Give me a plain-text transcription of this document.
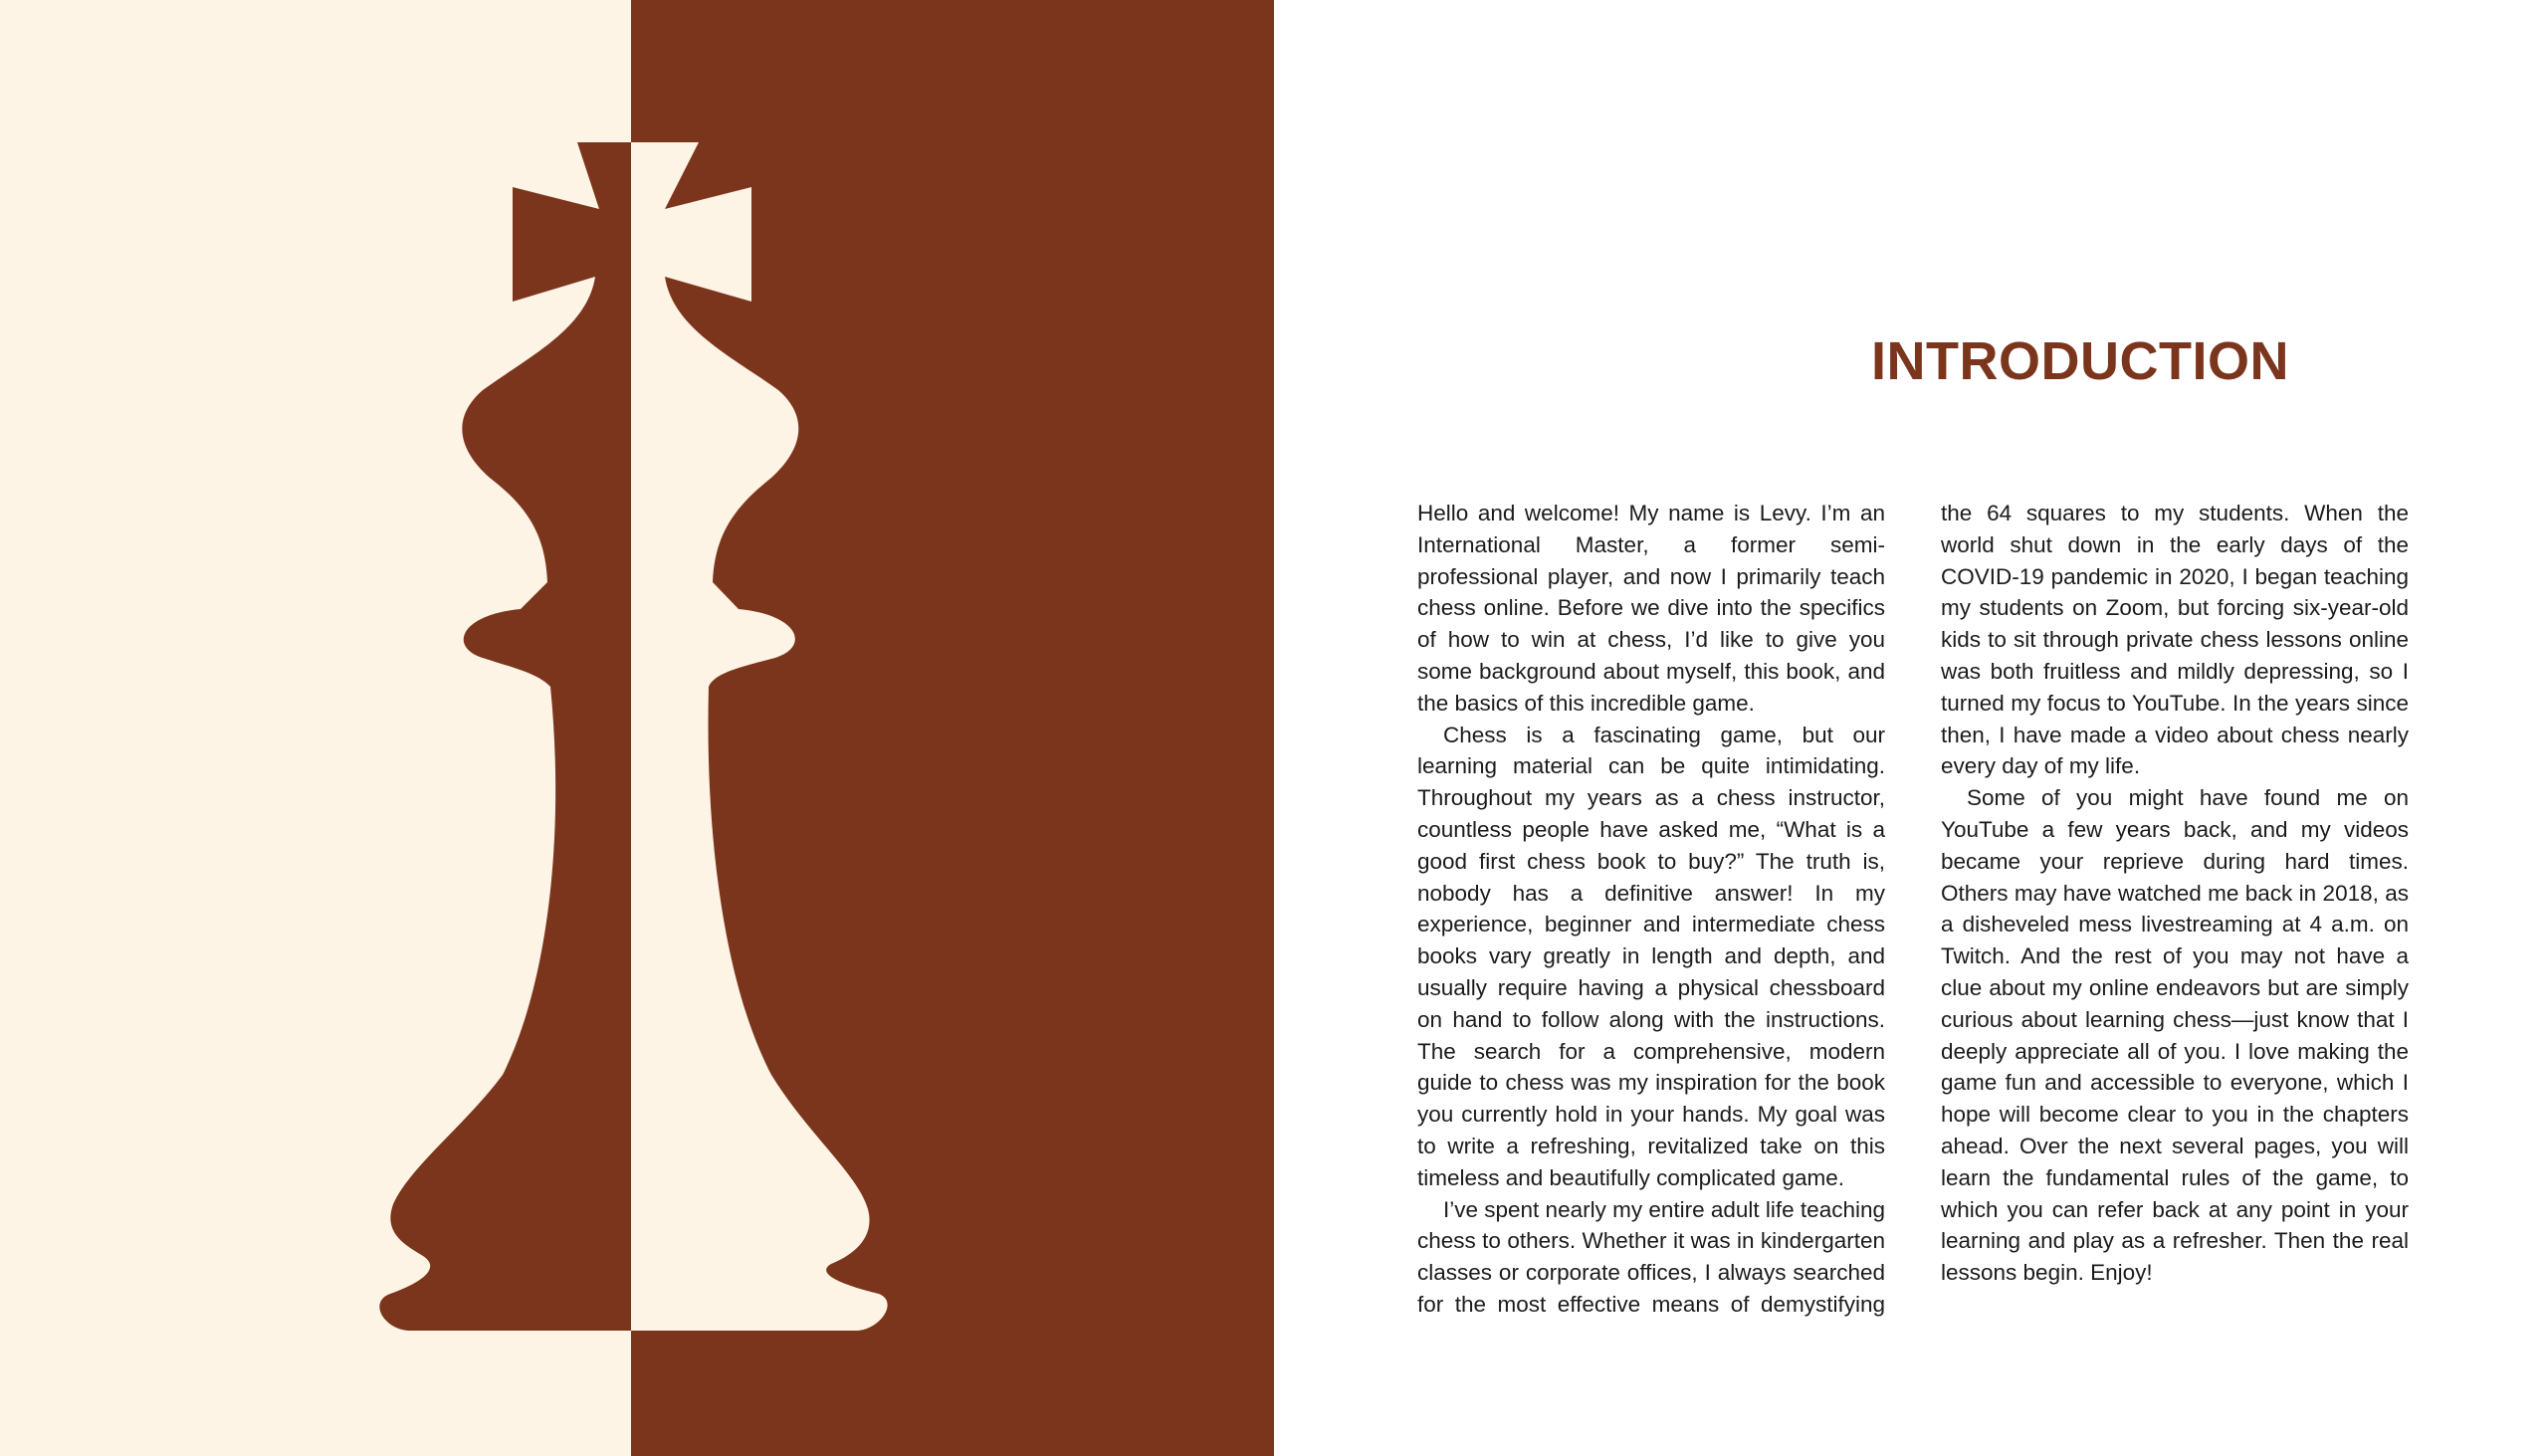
INTRODUCTION

Hello and welcome! My name is Levy. I’m an International Master, a former semi-professional player, and now I primarily teach chess online. Before we dive into the specifics of how to win at chess, I’d like to give you some background about myself, this book, and the basics of this incredible game.

Chess is a fascinating game, but our learning material can be quite intimidating. Throughout my years as a chess instructor, countless people have asked me, “What is a good first chess book to buy?” The truth is, nobody has a definitive answer! In my experience, beginner and intermediate chess books vary greatly in length and depth, and usually require having a physical chessboard on hand to follow along with the instructions. The search for a comprehensive, modern guide to chess was my inspiration for the book you currently hold in your hands. My goal was to write a refreshing, revitalized take on this timeless and beautifully complicated game.

I’ve spent nearly my entire adult life teaching chess to others. Whether it was in kindergarten classes or corporate offices, I always searched for the most effective means of demystifying the 64 squares to my students. When the world shut down in the early days of the COVID-19 pandemic in 2020, I began teaching my students on Zoom, but forcing six-year-old kids to sit through private chess lessons online was both fruitless and mildly depressing, so I turned my focus to YouTube. In the years since then, I have made a video about chess nearly every day of my life.

Some of you might have found me on YouTube a few years back, and my videos became your reprieve during hard times. Others may have watched me back in 2018, as a disheveled mess livestreaming at 4 a.m. on Twitch. And the rest of you may not have a clue about my online endeavors but are simply curious about learning chess—just know that I deeply appreciate all of you. I love making the game fun and accessible to everyone, which I hope will become clear to you in the chapters ahead. Over the next several pages, you will learn the fundamental rules of the game, to which you can refer back at any point in your learning and play as a refresher. Then the real lessons begin. Enjoy!
